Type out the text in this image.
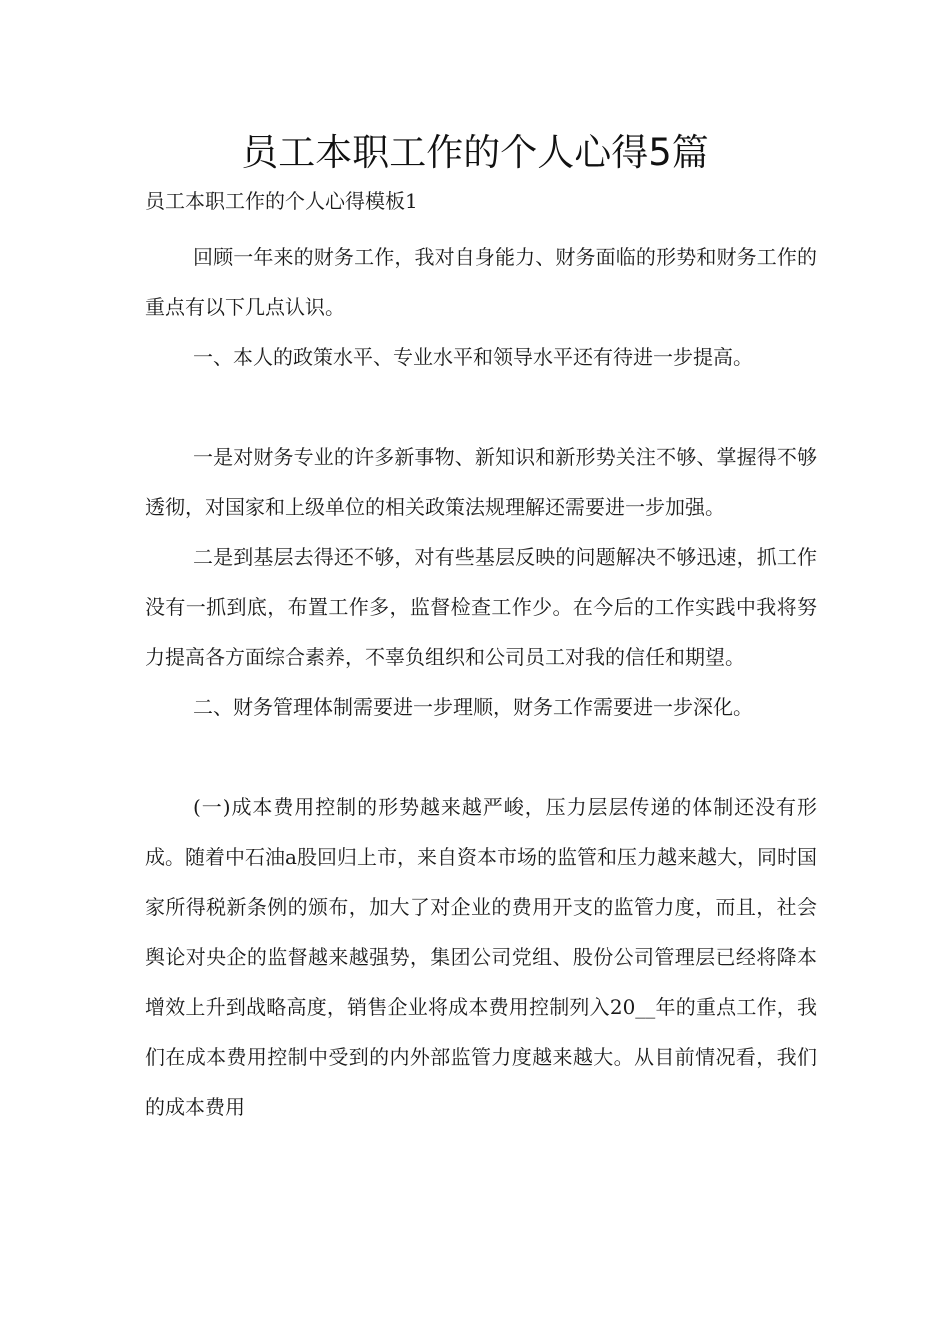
员工本职工作的个人心得5篇

员工本职工作的个人心得模板1

回顾一年来的财务工作，我对自身能力、财务面临的形势和财务工作的重点有以下几点认识。

一、本人的政策水平、专业水平和领导水平还有待进一步提高。

一是对财务专业的许多新事物、新知识和新形势关注不够、掌握得不够透彻，对国家和上级单位的相关政策法规理解还需要进一步加强。

二是到基层去得还不够，对有些基层反映的问题解决不够迅速，抓工作没有一抓到底，布置工作多，监督检查工作少。在今后的工作实践中我将努力提高各方面综合素养，不辜负组织和公司员工对我的信任和期望。

二、财务管理体制需要进一步理顺，财务工作需要进一步深化。

(一)成本费用控制的形势越来越严峻，压力层层传递的体制还没有形成。随着中石油a股回归上市，来自资本市场的监管和压力越来越大，同时国家所得税新条例的颁布，加大了对企业的费用开支的监管力度，而且，社会舆论对央企的监督越来越强势，集团公司党组、股份公司管理层已经将降本增效上升到战略高度，销售企业将成本费用控制列入20__年的重点工作，我们在成本费用控制中受到的内外部监管力度越来越大。从目前情况看，我们的成本费用
